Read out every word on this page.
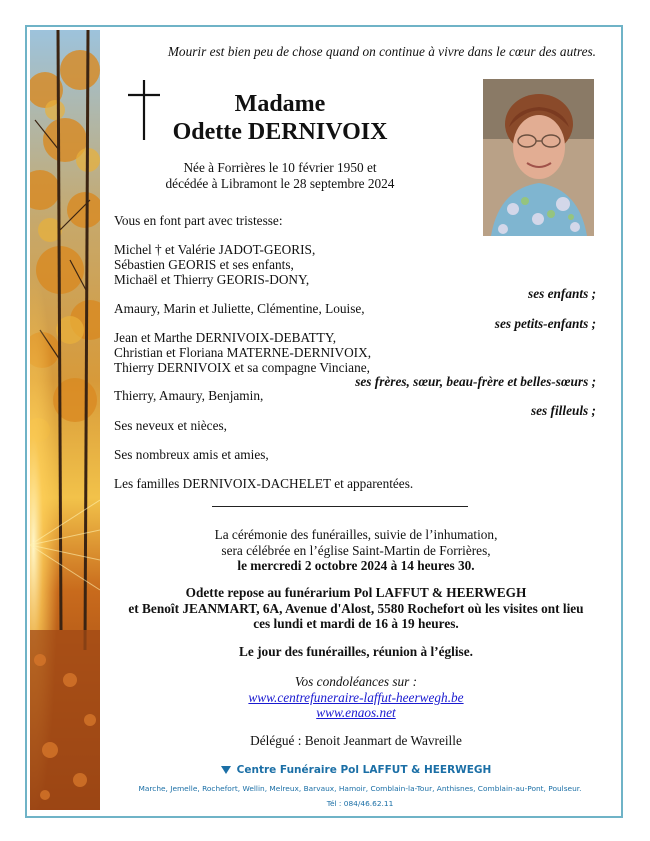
Mourir est bien peu de chose quand on continue à vivre dans le cœur des autres.
Madame
Odette DERNIVOIX
Née à Forrières le 10 février 1950 et
décédée à Libramont le 28 septembre 2024
Vous en font part avec tristesse:
Michel † et Valérie JADOT-GEORIS,
Sébastien GEORIS et ses enfants,
Michaël et Thierry GEORIS-DONY,
ses enfants ;
Amaury, Marin et Juliette, Clémentine, Louise,
ses petits-enfants ;
Jean et Marthe DERNIVOIX-DEBATTY,
Christian et Floriana MATERNE-DERNIVOIX,
Thierry DERNIVOIX et sa compagne Vinciane,
ses frères, sœur, beau-frère et belles-sœurs ;
Thierry, Amaury, Benjamin,
ses filleuls ;
Ses neveux et nièces,
Ses nombreux amis et amies,
Les familles DERNIVOIX-DACHELET et apparentées.
La cérémonie des funérailles, suivie de l’inhumation,
sera célébrée en l’église Saint-Martin de Forrières,
le mercredi 2 octobre 2024 à 14 heures 30.
Odette repose au funérarium Pol LAFFUT & HEERWEGH
et Benoît JEANMART, 6A, Avenue d'Alost, 5580 Rochefort où les visites ont lieu
ces lundi et mardi de 16 à 19 heures.
Le jour des funérailles, réunion à l’église.
Vos condoléances sur :
www.centrefuneraire-laffut-heerwegh.be
www.enaos.net
Délégué : Benoit Jeanmart de Wavreille
Centre Funéraire Pol LAFFUT & HEERWEGH
Marche, Jemelle, Rochefort, Wellin, Melreux, Barvaux, Hamoir, Comblain-la-Tour, Anthisnes, Comblain-au-Pont, Poulseur.
Tél : 084/46.62.11
